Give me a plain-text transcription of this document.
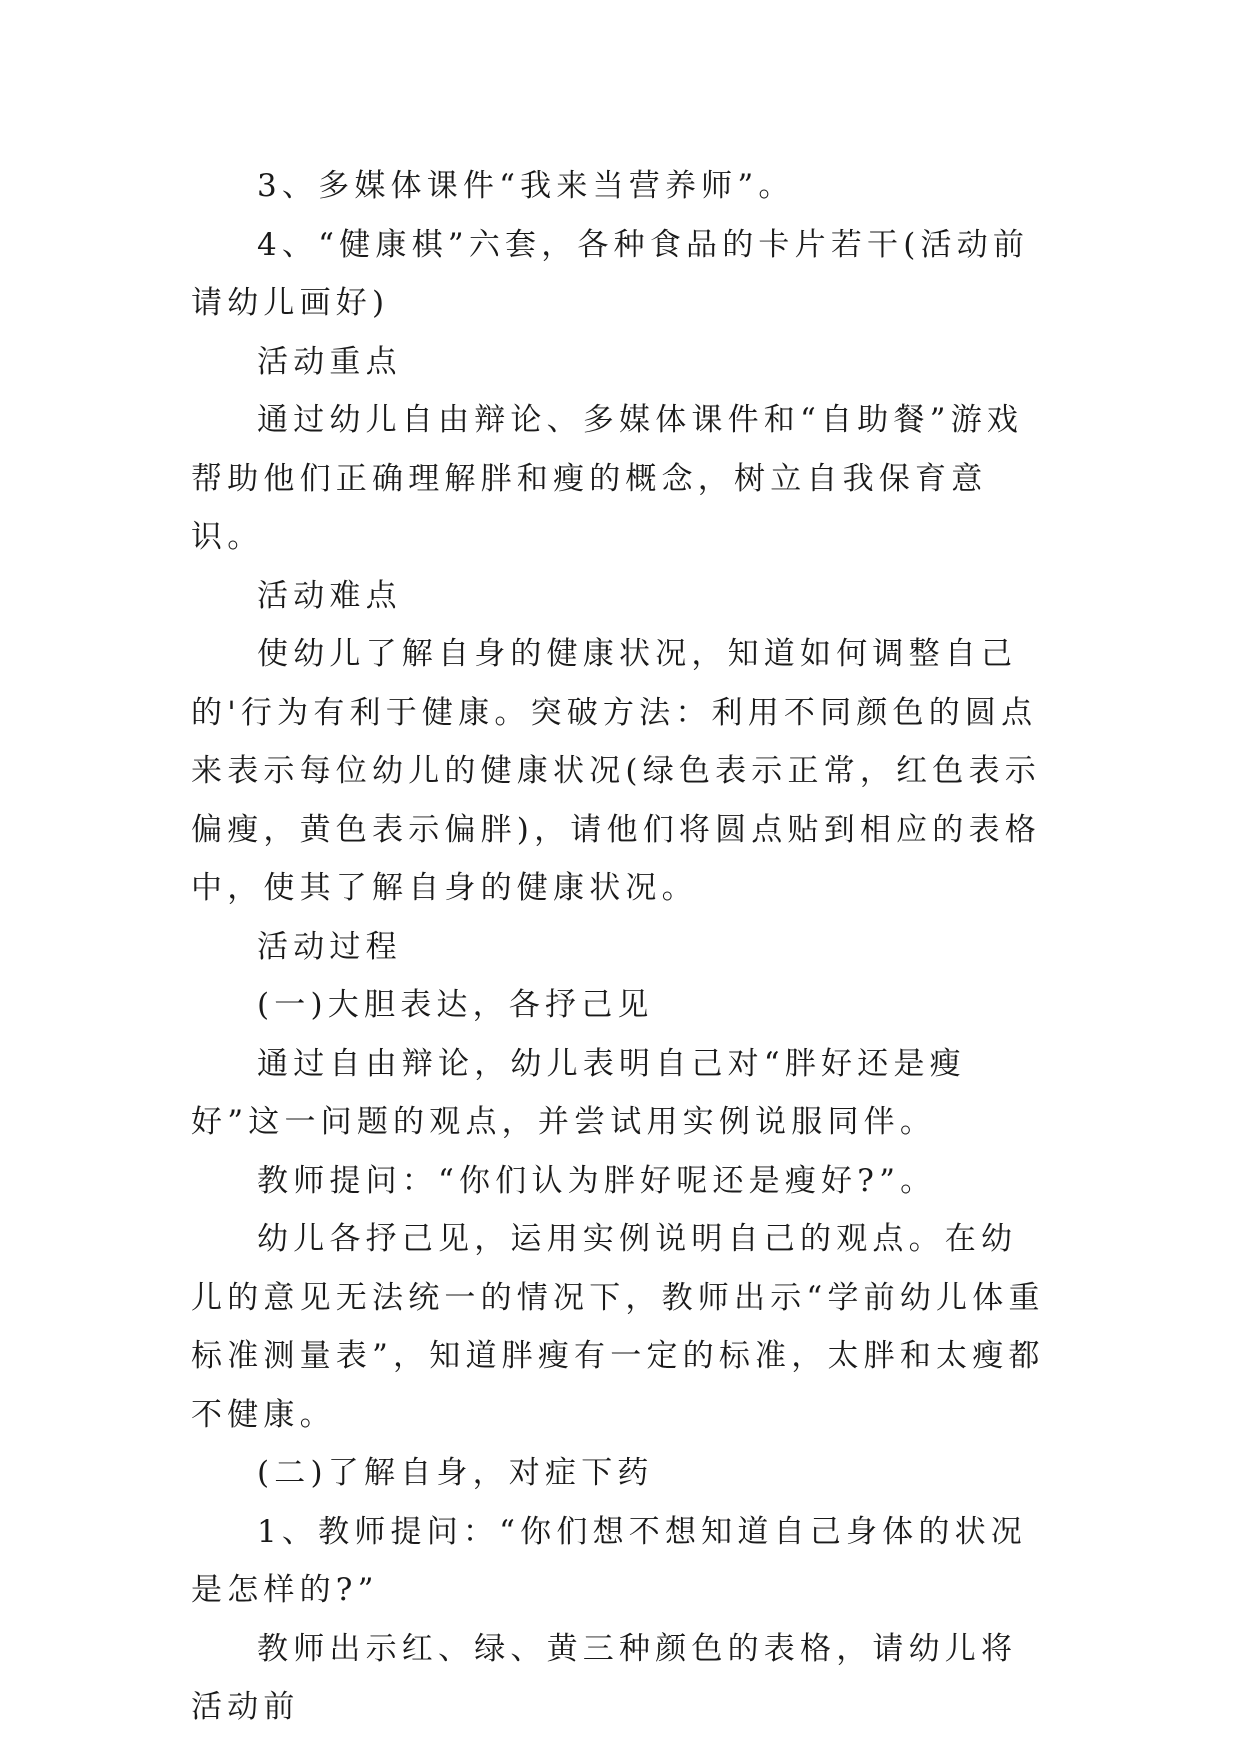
3、多媒体课件“我来当营养师”。

4、“健康棋”六套，各种食品的卡片若干(活动前请幼儿画好)

活动重点

通过幼儿自由辩论、多媒体课件和“自助餐”游戏帮助他们正确理解胖和瘦的概念，树立自我保育意识。

活动难点

使幼儿了解自身的健康状况，知道如何调整自己的'行为有利于健康。突破方法：利用不同颜色的圆点来表示每位幼儿的健康状况(绿色表示正常，红色表示偏瘦，黄色表示偏胖)，请他们将圆点贴到相应的表格中，使其了解自身的健康状况。

活动过程

(一)大胆表达，各抒己见

通过自由辩论，幼儿表明自己对“胖好还是瘦好”这一问题的观点，并尝试用实例说服同伴。

教师提问：“你们认为胖好呢还是瘦好?”。

幼儿各抒己见，运用实例说明自己的观点。在幼儿的意见无法统一的情况下，教师出示“学前幼儿体重标准测量表”，知道胖瘦有一定的标准，太胖和太瘦都不健康。

(二)了解自身，对症下药

1、教师提问：“你们想不想知道自己身体的状况是怎样的?”

教师出示红、绿、黄三种颜色的表格，请幼儿将活动前
